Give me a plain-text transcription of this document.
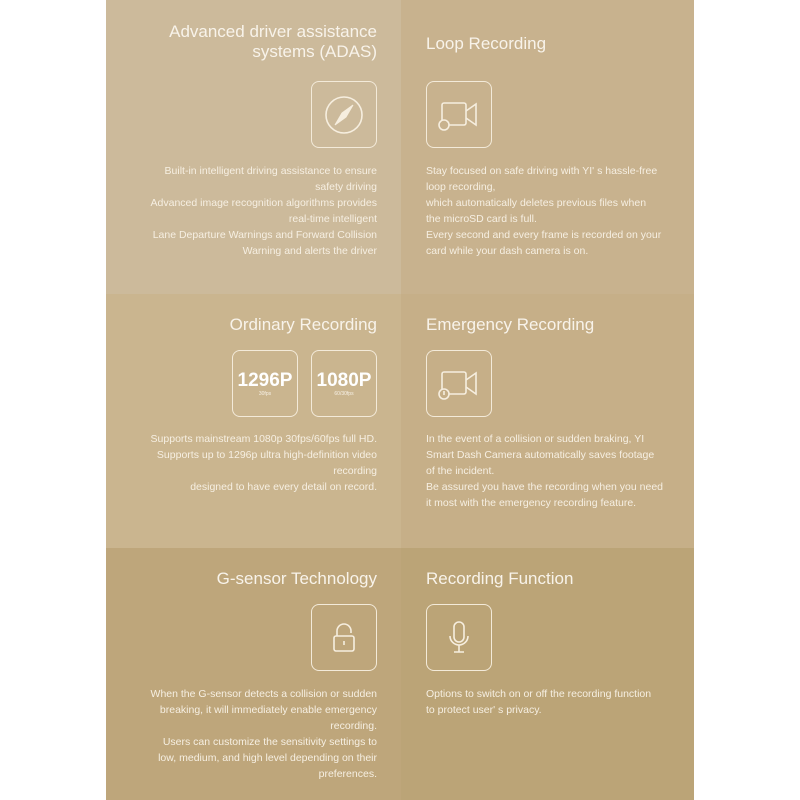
Advanced driver assistance
systems (ADAS)
Built-in intelligent driving assistance to ensure
safety driving
Advanced image recognition algorithms provides
real-time intelligent
Lane Departure Warnings and Forward Collision
Warning and alerts the driver
Loop Recording
Stay focused on safe driving with YI' s hassle-free
loop recording,
which automatically deletes previous files when
the microSD card is full.
Every second and every frame is recorded on your
card while your dash camera is on.
Ordinary Recording
1080P
60/30fps
1296P
30fps
Supports mainstream 1080p 30fps/60fps full HD.
Supports up to 1296p ultra high-definition video
recording
designed to have every detail on record.
Emergency Recording
In the event of a collision or sudden braking, YI
Smart Dash Camera automatically saves footage
of the incident.
Be assured you have the recording when you need
it most with the emergency recording feature.
G-sensor Technology
When the G-sensor detects a collision or sudden
breaking, it will immediately enable emergency
recording.
Users can customize the sensitivity settings to
low, medium, and high level depending on their
preferences.
Recording Function
Options to switch on or off the recording function
to protect user' s privacy.
